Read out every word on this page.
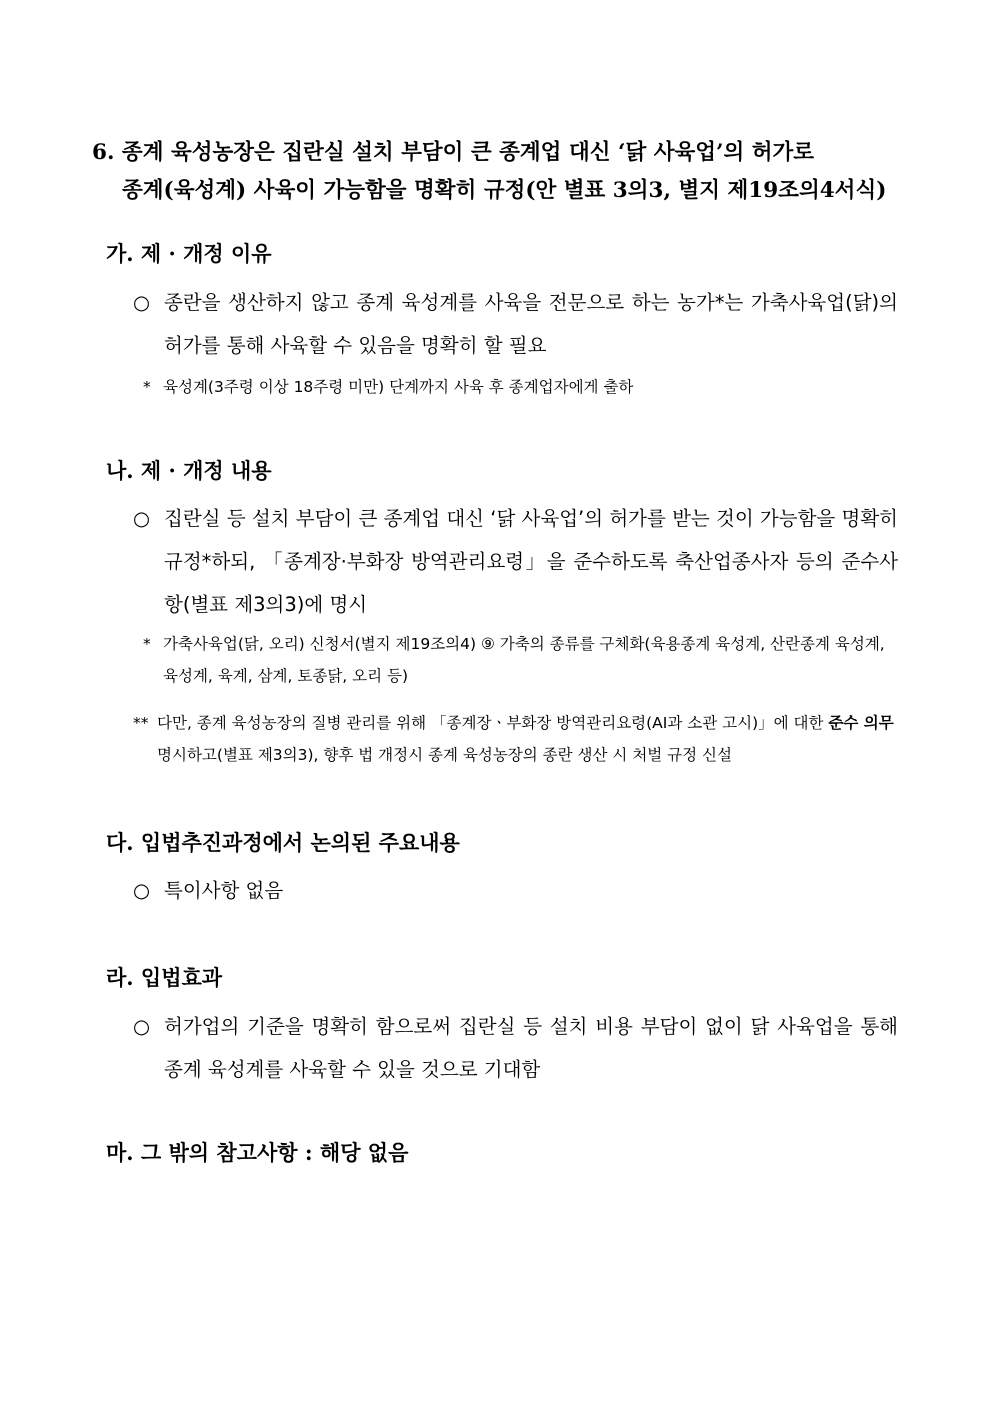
6. 종계 육성농장은 집란실 설치 부담이 큰 종계업 대신 ‘닭 사육업’의 허가로
종계(육성계) 사육이 가능함을 명확히 규정(안 별표 3의3, 별지 제19조의4서식)
가. 제 · 개정 이유
○ 종란을 생산하지 않고 종계 육성계를 사육을 전문으로 하는 농가*는 가축사육업(닭)의 허가를 통해 사육할 수 있음을 명확히 할 필요
* 육성계(3주령 이상 18주령 미만) 단계까지 사육 후 종계업자에게 출하
나. 제 · 개정 내용
○ 집란실 등 설치 부담이 큰 종계업 대신 ‘닭 사육업’의 허가를 받는 것이 가능함을 명확히 규정*하되, 「종계장·부화장 방역관리요령」을 준수하도록 축산업종사자 등의 준수사항(별표 제3의3)에 명시
* 가축사육업(닭, 오리) 신청서(별지 제19조의4) ⑨ 가축의 종류를 구체화(육용종계 육성계, 산란종계 육성계, 육성계, 육계, 삼계, 토종닭, 오리 등)
** 다만, 종계 육성농장의 질병 관리를 위해 「종계장ㆍ부화장 방역관리요령(AI과 소관 고시)」에 대한 준수 의무 명시하고(별표 제3의3), 향후 법 개정시 종계 육성농장의 종란 생산 시 처벌 규정 신설
다. 입법추진과정에서 논의된 주요내용
○ 특이사항 없음
라. 입법효과
○ 허가업의 기준을 명확히 함으로써 집란실 등 설치 비용 부담이 없이 닭 사육업을 통해 종계 육성계를 사육할 수 있을 것으로 기대함
마. 그 밖의 참고사항 : 해당 없음
